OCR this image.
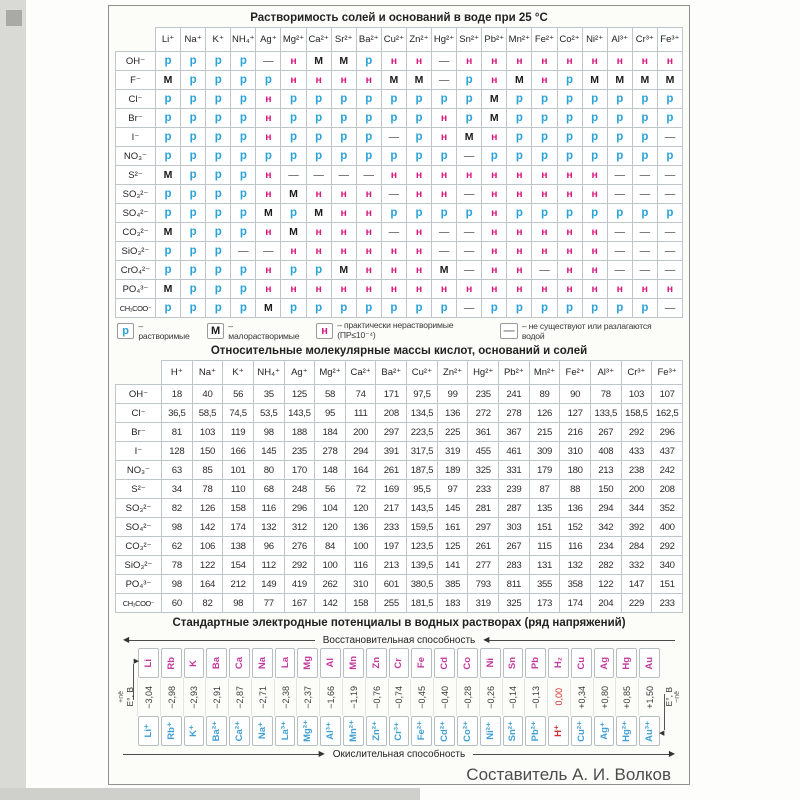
Растворимость солей и оснований в воде при 25 °С
	Li⁺	Na⁺	K⁺	NH₄⁺	Ag⁺	Mg²⁺	Ca²⁺	Sr²⁺	Ba²⁺	Cu²⁺	Zn²⁺	Hg²⁺	Sn²⁺	Pb²⁺	Mn²⁺	Fe²⁺	Co²⁺	Ni²⁺	Al³⁺	Cr³⁺	Fe³⁺
OH⁻	р	р	р	р	—	н	М	М	р	н	н	—	н	н	н	н	н	н	н	н	н
F⁻	М	р	р	р	р	н	н	н	н	М	М	—	р	н	М	н	р	М	М	М	М
Cl⁻	р	р	р	р	н	р	р	р	р	р	р	р	р	М	р	р	р	р	р	р	р
Br⁻	р	р	р	р	н	р	р	р	р	р	р	н	р	М	р	р	р	р	р	р	р
I⁻	р	р	р	р	н	р	р	р	р	—	р	н	М	н	р	р	р	р	р	р	—
NO₃⁻	р	р	р	р	р	р	р	р	р	р	р	р	—	р	р	р	р	р	р	р	р
S²⁻	М	р	р	р	н	—	—	—	—	н	н	н	н	н	н	н	н	н	—	—	—
SO₃²⁻	р	р	р	р	н	М	н	н	н	—	н	н	—	н	н	н	н	н	—	—	—
SO₄²⁻	р	р	р	р	М	р	М	н	н	р	р	р	р	н	р	р	р	р	р	р	р
CO₃²⁻	М	р	р	р	н	М	н	н	н	—	н	—	—	н	н	н	н	н	—	—	—
SiO₃²⁻	р	р	р	—	—	н	н	н	н	н	н	—	—	н	н	н	н	н	—	—	—
CrO₄²⁻	р	р	р	р	н	р	р	М	н	н	н	М	—	н	н	—	н	н	—	—	—
PO₄³⁻	М	р	р	р	н	н	н	н	н	н	н	н	н	н	н	н	н	н	н	н	н
CH₃COO⁻	р	р	р	р	М	р	р	р	р	р	р	р	—	р	р	р	р	р	р	р	—
р	– растворимые	М – малорастворимые	н	– практически нерастворимые (ПР≤10⁻⁴)	— – не существуют или разлагаются водой
Относительные молекулярные массы кислот, оснований и солей
	H⁺	Na⁺	K⁺	NH₄⁺	Ag⁺	Mg²⁺	Ca²⁺	Ba²⁺	Cu²⁺	Zn²⁺	Hg²⁺	Pb²⁺	Mn²⁺	Fe²⁺	Al³⁺	Cr³⁺	Fe³⁺
OH⁻	18	40	56	35	125	58	74	171	97,5	99	235	241	89	90	78	103	107
Cl⁻	36,5	58,5	74,5	53,5	143,5	95	111	208	134,5	136	272	278	126	127	133,5	158,5	162,5
Br⁻	81	103	119	98	188	184	200	297	223,5	225	361	367	215	216	267	292	296
I⁻	128	150	166	145	235	278	294	391	317,5	319	455	461	309	310	408	433	437
NO₃⁻	63	85	101	80	170	148	164	261	187,5	189	325	331	179	180	213	238	242
S²⁻	34	78	110	68	248	56	72	169	95,5	97	233	239	87	88	150	200	208
SO₃²⁻	82	126	158	116	296	104	120	217	143,5	145	281	287	135	136	294	344	352
SO₄²⁻	98	142	174	132	312	120	136	233	159,5	161	297	303	151	152	342	392	400
CO₃²⁻	62	106	138	96	276	84	100	197	123,5	125	261	267	115	116	234	284	292
SiO₃²⁻	78	122	154	112	292	100	116	213	139,5	141	277	283	131	132	282	332	340
PO₄³⁻	98	164	212	149	419	262	310	601	380,5	385	793	811	355	358	122	147	151
CH₃COO⁻	60	82	98	77	167	142	158	255	181,5	183	319	325	173	174	204	229	233
Стандартные электродные потенциалы в водных растворах (ряд напряжений)
◀	Восстановительная способность	◀
+nē E°, В
▶
Li
−3,04
Li⁺
Rb
−2,98
Rb⁺
K
−2,93
K⁺
Ba
−2,91
Ba²⁺
Ca
−2,87
Ca²⁺
Na
−2,71
Na⁺
La
−2,38
La³⁺
Mg
−2,37
Mg²⁺
Al
−1,66
Al³⁺
Mn
−1,19
Mn²⁺
Zn
−0,76
Zn²⁺
Cr
−0,74
Cr³⁺
Fe
−0,45
Fe²⁺
Cd
−0,40
Cd²⁺
Co
−0,28
Co²⁺
Ni
−0,26
Ni²⁺
Sn
−0,14
Sn²⁺
Pb
−0,13
Pb²⁺
H₂
0,00
H⁺
Cu
+0,34
Cu²⁺
Ag
+0,80
Ag⁺
Hg
+0,85
Hg²⁺
Au
+1,50
Au³⁺
E°, В −nē
◀
▶ Окислительная способность	▶
Составитель А. И. Волков
